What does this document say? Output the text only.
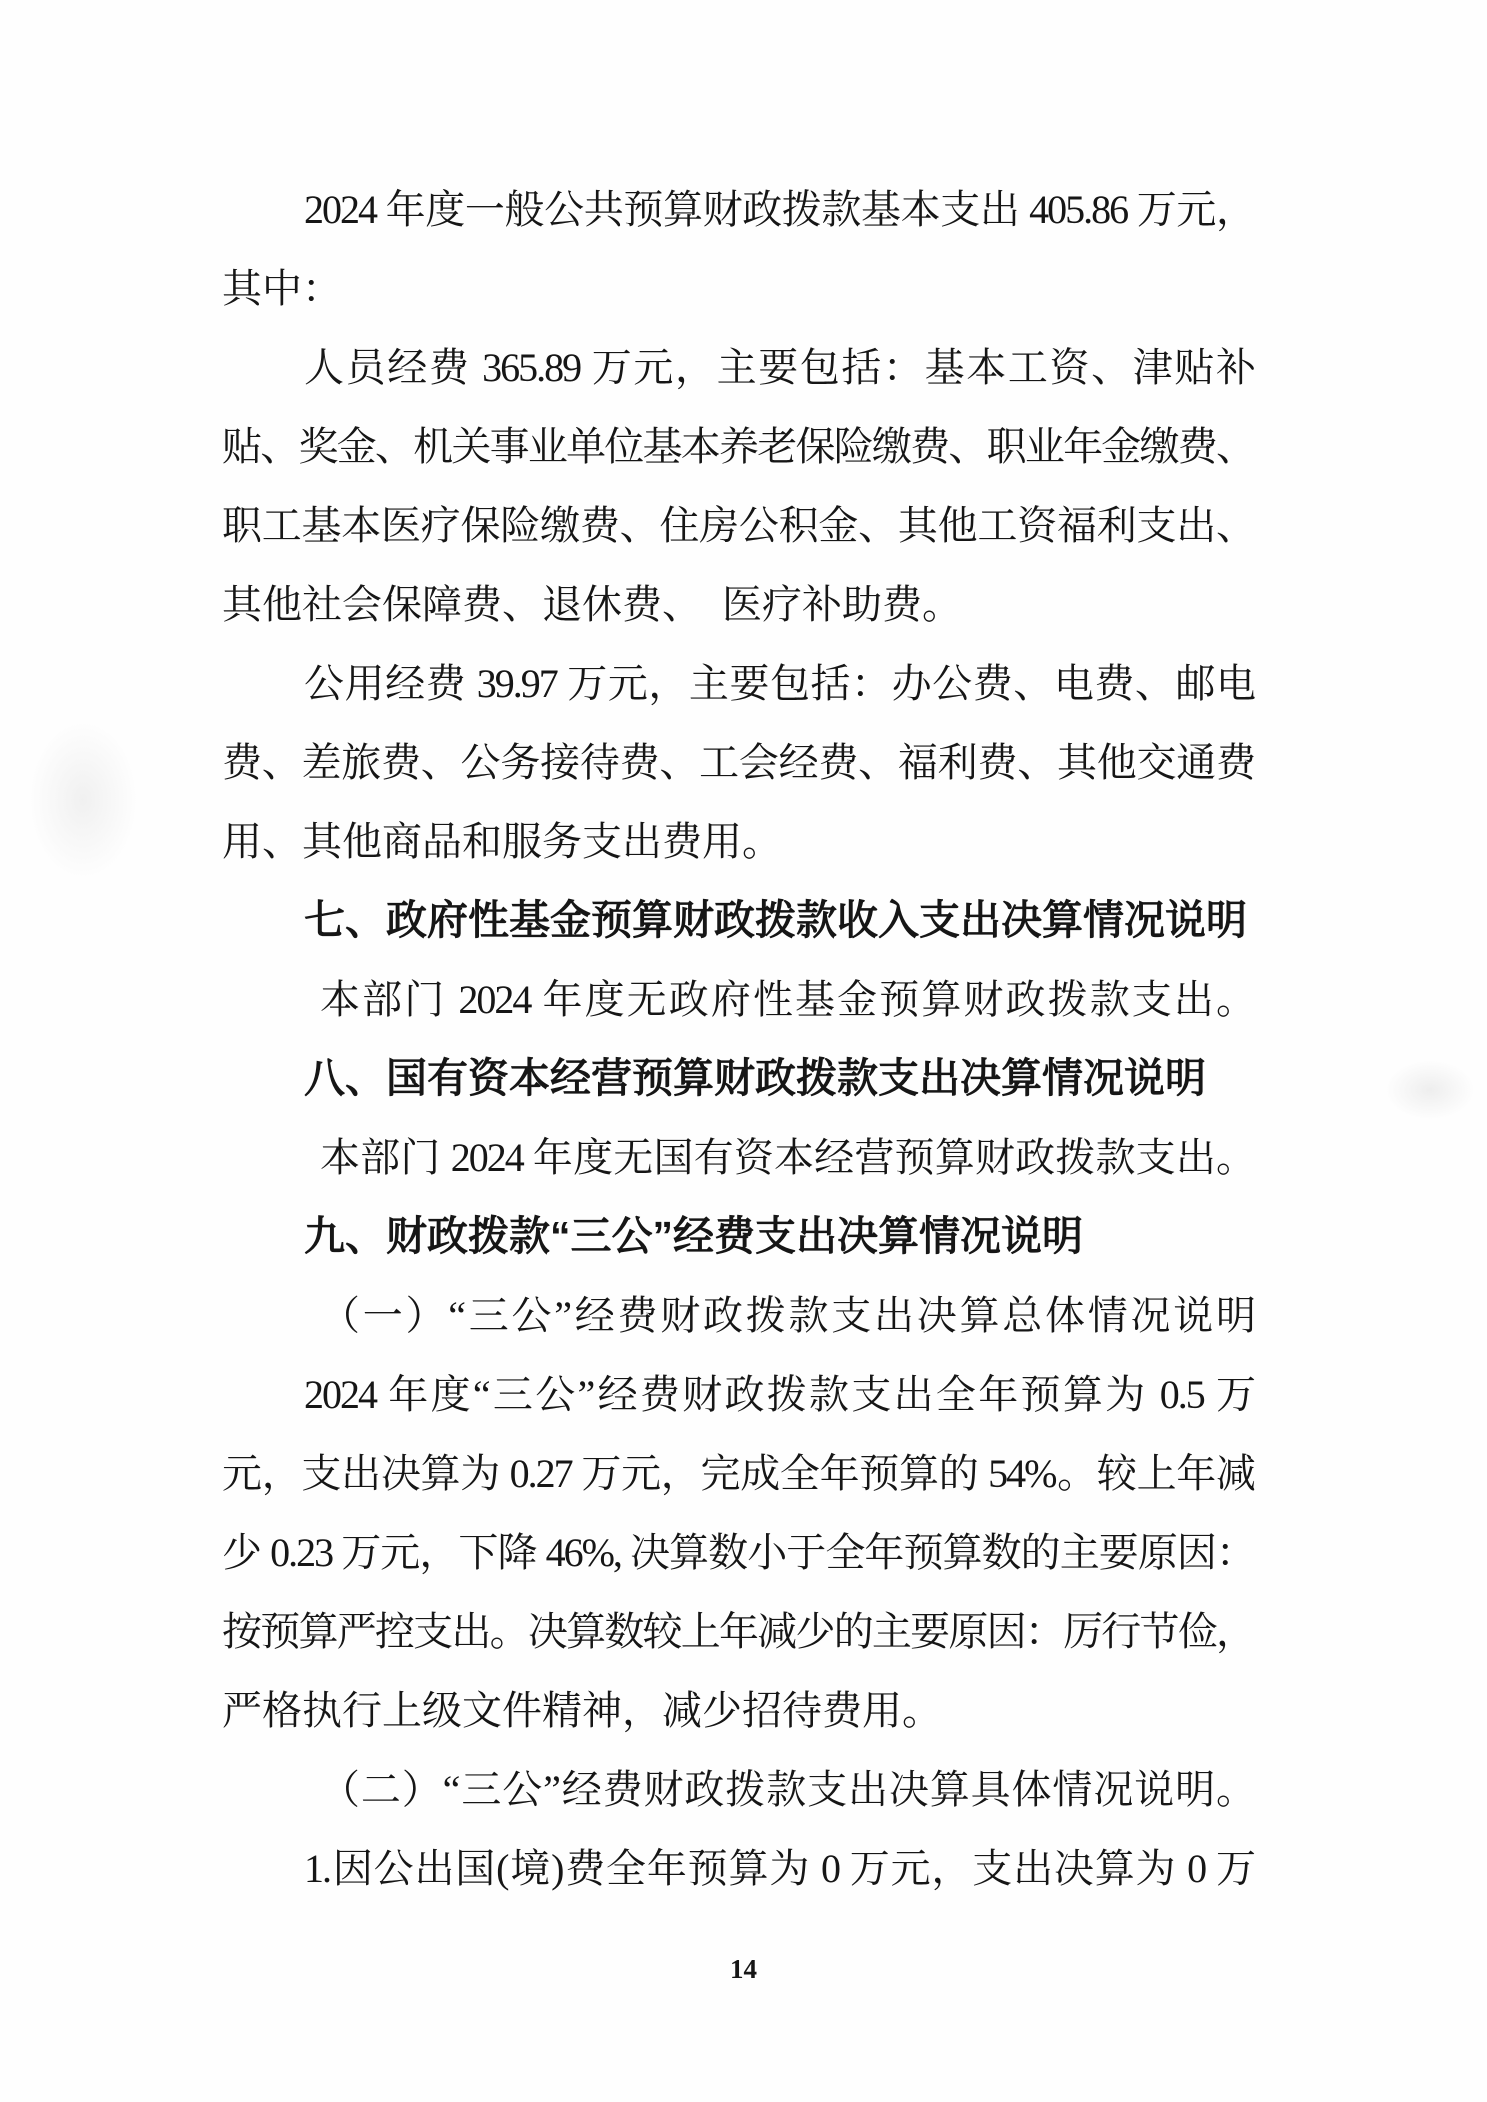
2024 年度一般公共预算财政拨款基本支出 405.86 万元，

其中：

人员经费 365.89 万元，主要包括：基本工资、津贴补

贴、奖金、机关事业单位基本养老保险缴费、职业年金缴费、

职工基本医疗保险缴费、住房公积金、其他工资福利支出、

其他社会保障费、退休费、　医疗补助费。

公用经费 39.97 万元，主要包括：办公费、电费、邮电

费、差旅费、公务接待费、工会经费、福利费、其他交通费

用、其他商品和服务支出费用。

七、政府性基金预算财政拨款收入支出决算情况说明

本部门 2024 年度无政府性基金预算财政拨款支出。

八、国有资本经营预算财政拨款支出决算情况说明

本部门 2024 年度无国有资本经营预算财政拨款支出。

九、财政拨款“三公”经费支出决算情况说明

（一）“三公”经费财政拨款支出决算总体情况说明

2024 年度“三公”经费财政拨款支出全年预算为 0.5 万

元，支出决算为 0.27 万元，完成全年预算的 54%。较上年减

少 0.23 万元，下降 46%, 决算数小于全年预算数的主要原因：

按预算严控支出。决算数较上年减少的主要原因：厉行节俭，

严格执行上级文件精神，减少招待费用。

（二）“三公”经费财政拨款支出决算具体情况说明。

1.因公出国(境)费全年预算为 0 万元，支出决算为 0 万

14
